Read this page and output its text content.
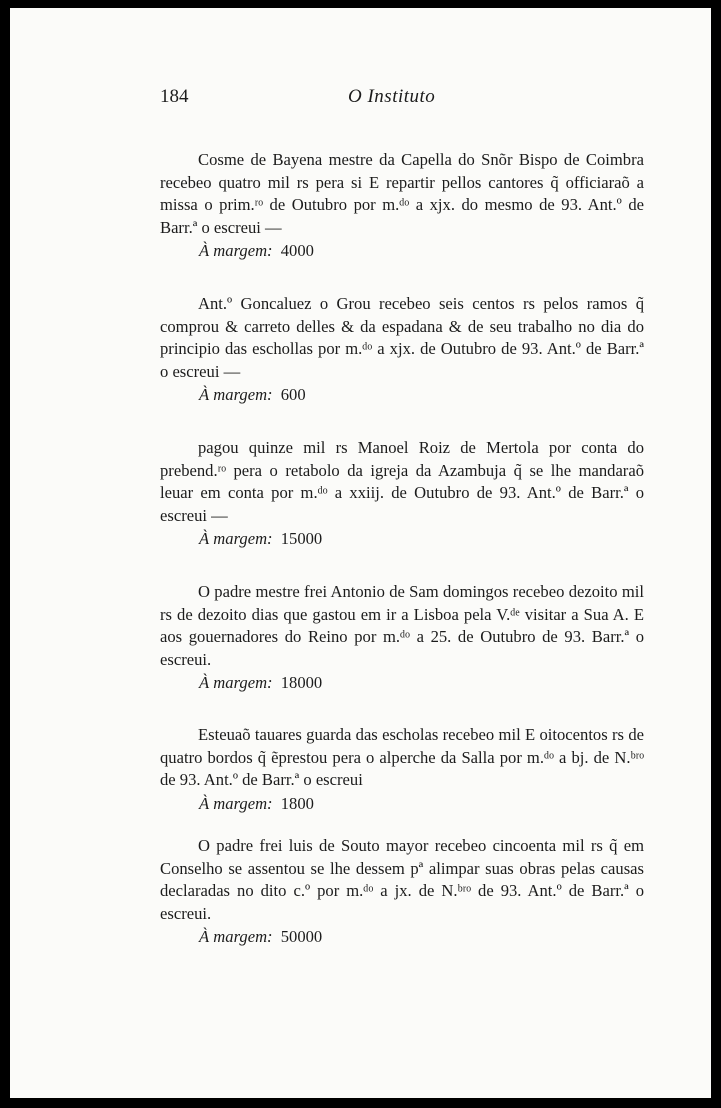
184	O Instituto

Cosme de Bayena mestre da Capella do Snõr Bispo de Coimbra recebeo quatro mil rs pera si E repartir pellos cantores q̃ officiaraõ a missa o prim.ʳᵒ de Outubro por m.ᵈᵒ a xjx. do mesmo de 93. Ant.º de Barr.ª o escreui —

À margem: 4000

Ant.º Goncaluez o Grou recebeo seis centos rs pelos ramos q̃ comprou & carreto delles & da espadana & de seu trabalho no dia do principio das eschollas por m.ᵈᵒ a xjx. de Outubro de 93. Ant.º de Barr.ª o escreui —

À margem: 600

pagou quinze mil rs Manoel Roiz de Mertola por conta do prebend.ʳᵒ pera o retabolo da igreja da Azambuja q̃ se lhe mandaraõ leuar em conta por m.ᵈᵒ a xxiij. de Outubro de 93. Ant.º de Barr.ª o escreui —

À margem: 15000

O padre mestre frei Antonio de Sam domingos recebeo dezoito mil rs de dezoito dias que gastou em ir a Lisboa pela V.ᵈᵉ visitar a Sua A. E aos gouernadores do Reino por m.ᵈᵒ a 25. de Outubro de 93. Barr.ª o escreui.

À margem: 18000

Esteuaõ tauares guarda das escholas recebeo mil E oitocentos rs de quatro bordos q̃ ẽprestou pera o alperche da Salla por m.ᵈᵒ a bj. de N.ᵇʳᵒ de 93. Ant.º de Barr.ª o escreui

À margem: 1800

O padre frei luis de Souto mayor recebeo cincoenta mil rs q̃ em Conselho se assentou se lhe dessem pª alimpar suas obras pelas causas declaradas no dito c.º por m.ᵈᵒ a jx. de N.ᵇʳᵒ de 93. Ant.º de Barr.ª o escreui.

À margem: 50000
